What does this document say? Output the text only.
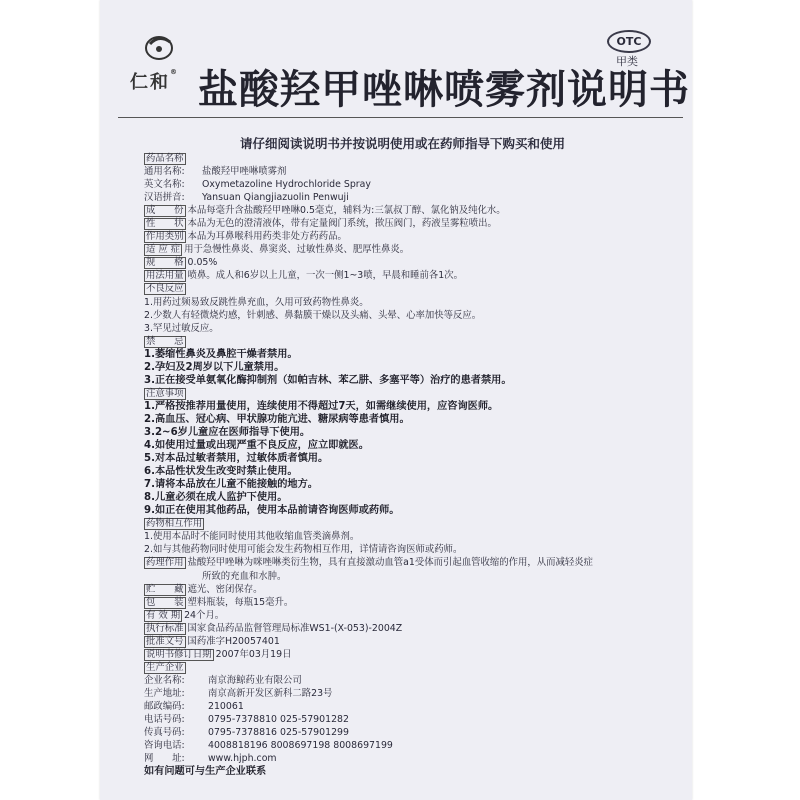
仁和® 盐酸羟甲唑啉喷雾剂说明书
OTC
甲类
请仔细阅读说明书并按说明使用或在药师指导下购买和使用
药品名称
通用名称: 盐酸羟甲唑啉喷雾剂
英文名称: Oxymetazoline Hydrochloride Spray
汉语拼音: Yansuan Qiangjiazuolin Penwuji
成　　份 本品每毫升含盐酸羟甲唑啉0.5毫克，辅料为:三氯叔丁醇、氯化钠及纯化水。
性　　状 本品为无色的澄清液体，带有定量阀门系统，揿压阀门，药液呈雾粒喷出。
作用类别 本品为耳鼻喉科用药类非处方药药品。
适 应 症 用于急慢性鼻炎、鼻窦炎、过敏性鼻炎、肥厚性鼻炎。
规　　格 0.05%
用法用量 喷鼻。成人和6岁以上儿童，一次一侧1~3喷，早晨和睡前各1次。
不良反应
1.用药过频易致反跳性鼻充血，久用可致药物性鼻炎。
2.少数人有轻微烧灼感，针刺感、鼻黏膜干燥以及头痛、头晕、心率加快等反应。
3.罕见过敏反应。
禁　　忌
1.萎缩性鼻炎及鼻腔干燥者禁用。
2.孕妇及2周岁以下儿童禁用。
3.正在接受单氨氧化酶抑制剂（如帕吉林、苯乙肼、多塞平等）治疗的患者禁用。
注意事项
1.严格按推荐用量使用，连续使用不得超过7天，如需继续使用，应咨询医师。
2.高血压、冠心病、甲状腺功能亢进、糖尿病等患者慎用。
3.2~6岁儿童应在医师指导下使用。
4.如使用过量或出现严重不良反应，应立即就医。
5.对本品过敏者禁用，过敏体质者慎用。
6.本品性状发生改变时禁止使用。
7.请将本品放在儿童不能接触的地方。
8.儿童必须在成人监护下使用。
9.如正在使用其他药品，使用本品前请咨询医师或药师。
药物相互作用
1.使用本品时不能同时使用其他收缩血管类滴鼻剂。
2.如与其他药物同时使用可能会发生药物相互作用，详情请咨询医师或药师。
药理作用 盐酸羟甲唑啉为咪唑啉类衍生物，具有直接激动血管a1受体而引起血管收缩的作用，从而减轻炎症
所致的充血和水肿。
贮　　藏 遮光、密闭保存。
包　　装 塑料瓶装，每瓶15毫升。
有 效 期 24个月。
执行标准 国家食品药品监督管理局标准WS1-(X-053)-2004Z
批准文号 国药准字H20057401
说明书修订日期 2007年03月19日
生产企业
企业名称: 南京海鲸药业有限公司
生产地址: 南京高新开发区新科二路23号
邮政编码: 210061
电话号码: 0795-7378810 025-57901282
传真号码: 0795-7378816 025-57901299
咨询电话: 4008818196 8008697198 8008697199
网　　址: www.hjph.com
如有问题可与生产企业联系
